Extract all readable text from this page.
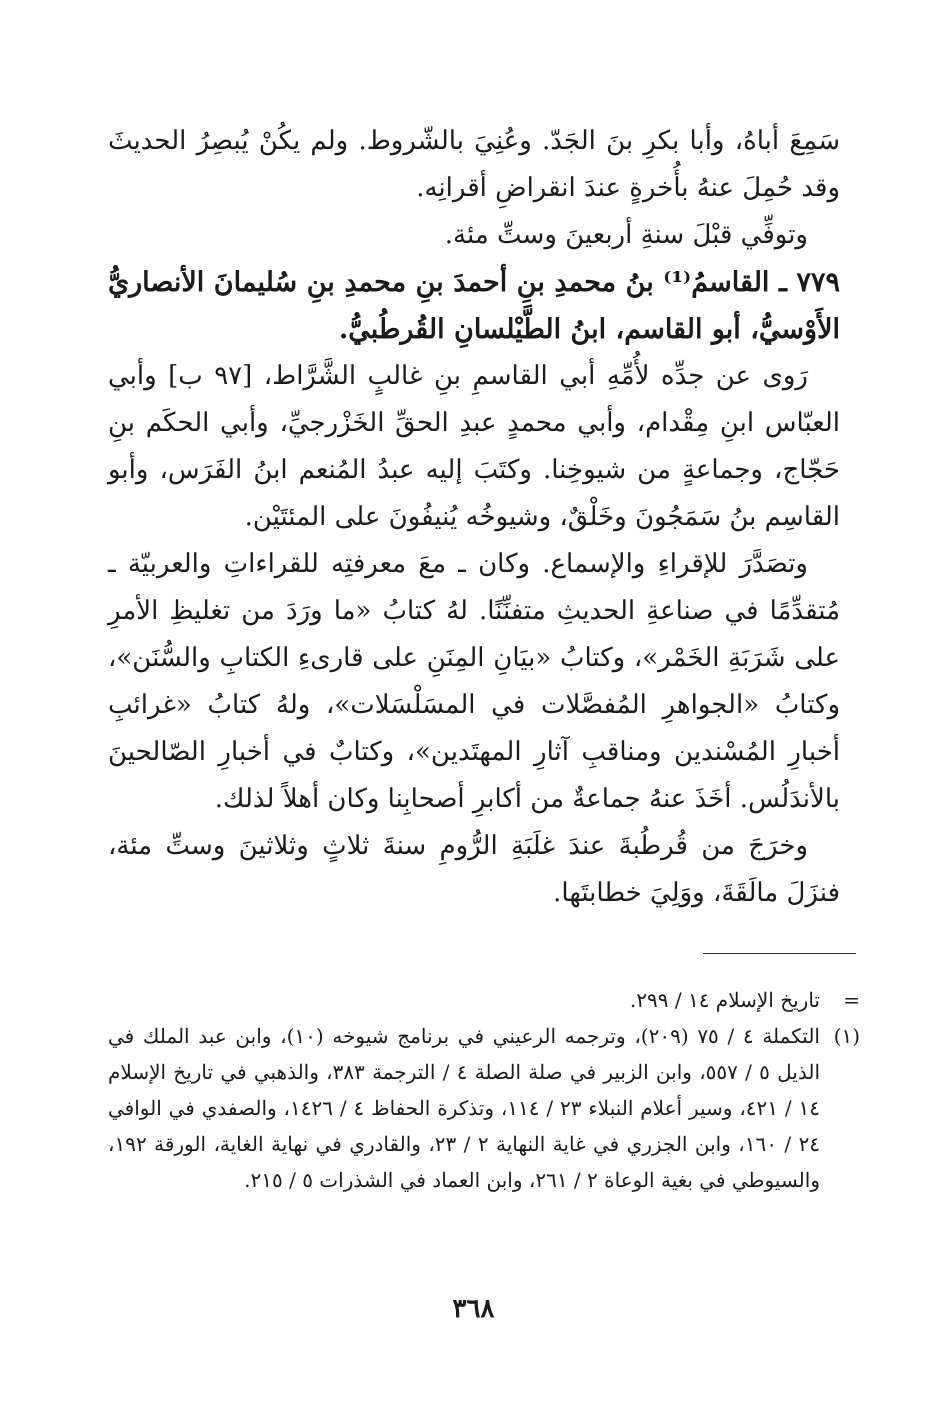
سَمِعَ أباهُ، وأبا بكرِ بنَ الجَدّ. وعُنِيَ بالشّروط. ولم يكُنْ يُبصِرُ الحديثَ وقد حُمِلَ عنهُ بأُخرةٍ عندَ انقراضِ أقرانِه.

وتوفِّي قبْلَ سنةِ أربعينَ وستِّ مئة.

٧٧٩ ـ القاسمُ⁽¹⁾ بنُ محمدِ بنِ أحمدَ بنِ محمدِ بنِ سُليمانَ الأنصاريُّ الأَوْسيُّ، أبو القاسم، ابنُ الطَّيْلسانِ القُرطُبيُّ.

رَوى عن جدِّه لأُمِّهِ أبي القاسمِ بنِ غالبٍ الشَّرَّاط، [٩٧ ب] وأبي العبّاس ابنِ مِقْدام، وأبي محمدٍ عبدِ الحقِّ الخَزْرجيِّ، وأبي الحكَم بنِ حَجّاج، وجماعةٍ من شيوخِنا. وكتَبَ إليه عبدُ المُنعم ابنُ الفَرَس، وأبو القاسِم بنُ سَمَجُونَ وخَلْقٌ، وشيوخُه يُنيفُونَ على المئتَيْن.

وتصَدَّرَ للإقراءِ والإسماع. وكان ـ معَ معرفتِه للقراءاتِ والعربيّة ـ مُتقدِّمًا في صناعةِ الحديثِ متفنِّنًا. لهُ كتابُ «ما ورَدَ من تغليظِ الأمرِ على شَرَبَةِ الخَمْر»، وكتابُ «بيَانِ المِنَنِ على قارىءِ الكتابِ والسُّنَن»، وكتابُ «الجواهرِ المُفصَّلات في المسَلْسَلات»، ولهُ كتابُ «غرائبِ أخبارِ المُسْندين ومناقبِ آثارِ المهتَدين»، وكتابٌ في أخبارِ الصّالحينَ بالأندَلُس. أخَذَ عنهُ جماعةٌ من أكابرِ أصحابِنا وكان أهلاً لذلك.

وخرَجَ من قُرطُبةَ عندَ غلَبَةِ الرُّومِ سنةَ ثلاثٍ وثلاثينَ وستِّ مئة، فنزَلَ مالَقَةَ، ووَلِيَ خطابتَها.

=
تاريخ الإسلام ١٤ / ٢٩٩.
(١)
التكملة ٤ / ٧٥ (٢٠٩)، وترجمه الرعيني في برنامج شيوخه (١٠)، وابن عبد الملك في الذيل ٥ / ٥٥٧، وابن الزبير في صلة الصلة ٤ / الترجمة ٣٨٣، والذهبي في تاريخ الإسلام ١٤ / ٤٢١، وسير أعلام النبلاء ٢٣ / ١١٤، وتذكرة الحفاظ ٤ / ١٤٢٦، والصفدي في الوافي ٢٤ / ١٦٠، وابن الجزري في غاية النهاية ٢ / ٢٣، والقادري في نهاية الغاية، الورقة ١٩٢، والسيوطي في بغية الوعاة ٢ / ٢٦١، وابن العماد في الشذرات ٥ / ٢١٥.
٣٦٨
